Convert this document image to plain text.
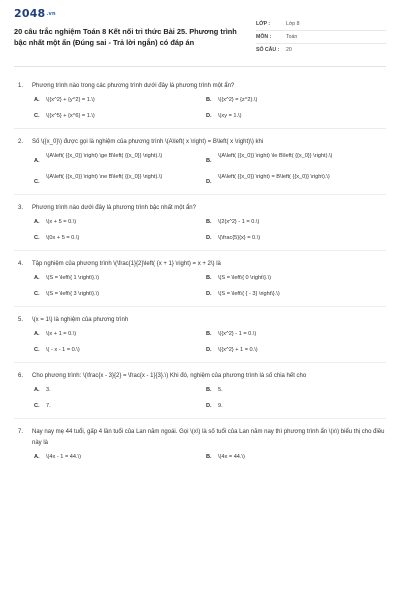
$2048^{.vn}$
20 câu trắc nghiệm Toán 8 Kết nối tri thức Bài 25. Phương trình bậc nhất một ẩn (Đúng sai - Trả lời ngắn) có đáp án
LỚP :	Lớp 8
MÔN :	Toán
SỐ CÂU :	20
1.	Phương trình nào trong các phương trình dưới đây là phương trình một ẩn?
A.	\({x^2} + {y^2} = 1.\)	B.	\({x^2} = {z^2}.\)
C.	\({x^5} + {x^6} = 1.\)	D.	\(xy = 1.\)
2.	Số \({x_0}\) được gọi là nghiệm của phương trình \(A\left( x \right) = B\left( x \right)\) khi
A.
\(A\left( {{x_0}} \right) \ge B\left( {{x_0}} \right).\)
B.
\(A\left( {{x_0}} \right) \le B\left( {{x_0}} \right).\)
C.
\(A\left( {{x_0}} \right) \ne B\left( {{x_0}} \right).\)
D.
\(A\left( {{x_0}} \right) = B\left( {{x_0}} \right).\)
3.	Phương trình nào dưới đây là phương trình bậc nhất một ẩn?
A.	\(x + 5 = 0.\)	B.	\(2{x^2} - 1 = 0.\)
C.	\(0x + 5 = 0.\)	D.	\(\frac{5}{x} = 0.\)
4.	Tập nghiệm của phương trình \(\frac{1}{2}\left( {x + 1} \right) = x + 2\) là
A.	\(S = \left\{ 1 \right\}.\)	B.	\(S = \left\{ 0 \right\}.\)
C.	\(S = \left\{ 3 \right\}.\)	D.	\(S = \left\{ { - 3} \right\}.\)
5.	\(x = 1\) là nghiệm của phương trình
A.	\(x + 1 = 0.\)	B.	\({x^2} - 1 = 0.\)
C.	\( - x - 1 = 0.\)	D.	\({x^2} + 1 = 0.\)
6.	Cho phương trình: \(\frac{x - 3}{2} = \frac{x - 1}{3}.\) Khi đó, nghiệm của phương trình là số chia hết cho
A.	3.	B.	5.
C.	7.	D.	9.
7.	Nay nay mẹ 44 tuổi, gấp 4 lần tuổi của Lan năm ngoái. Gọi \(x\) là số tuổi của Lan năm nay thì phương trình ẩn \(x\) biểu thị cho điều này là
A.	\(4x - 1 = 44.\)	B.	\(4x = 44.\)
